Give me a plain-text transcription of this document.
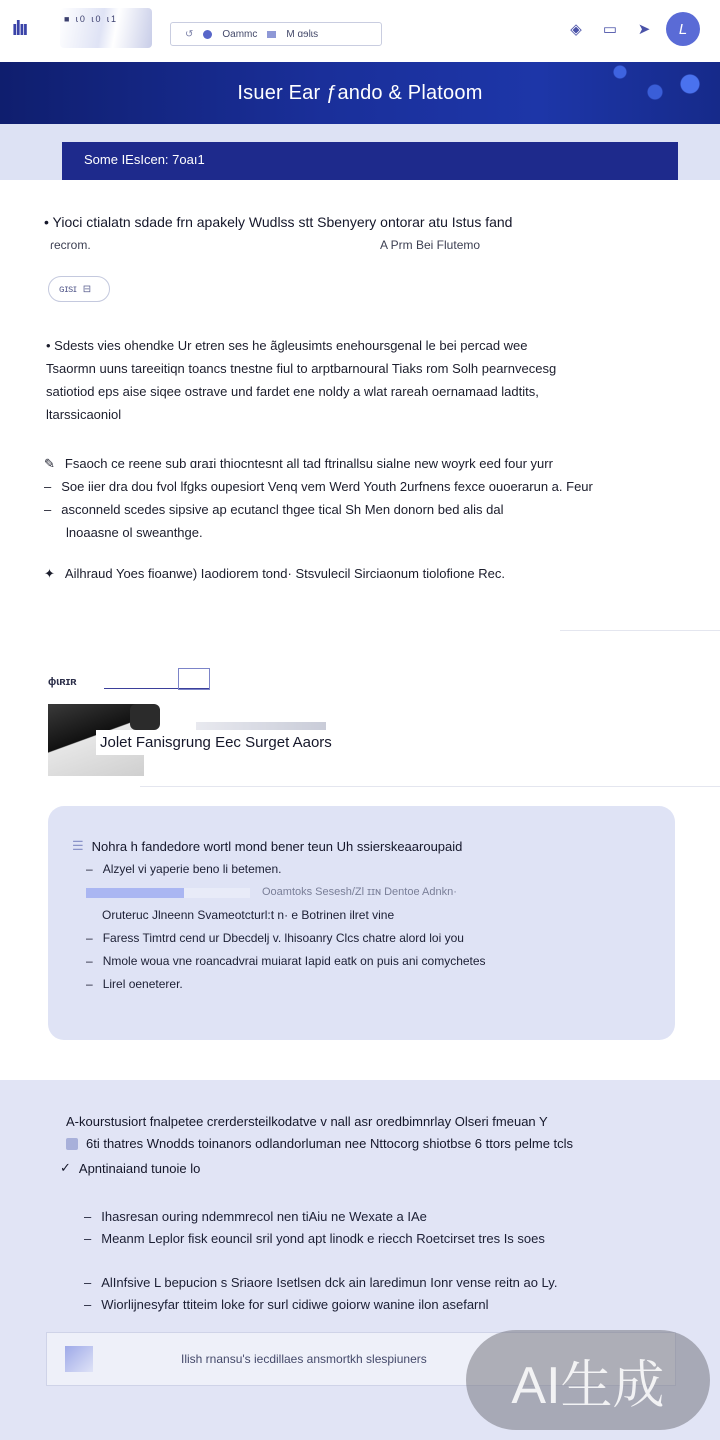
ılıı	■ ɩ0 ɩ0 ɩ1
↺	Oammc	M ɑɘlɩs	◈	▭	➤	L
Isuer Ear ƒando & Platoom
Some IEsIcen: 7oaı1
• Yioci ctialatn sdade frn apakely Wudlss stt Sbenyery ontorar atu Istus fand
ɾecrom.	A Prm Bei Flutemo
ɢɪsɪ ⊟
• Sdests vies ohendke Ur etren ses he ãgleusimts enehoursgenal le bei percad wee
Tsaormn uuns tareeitiqn toancs tnestne fiul to arptbarnoural Tiaks rom Solh pearnvecesg
satiotiod eps aise siqee ostrave und fardet ene noldy a wlat rareah oernamaad ladtits,
ltarssicaoniol
✎ Fsaoch ce reene sub ɑraɪi thiocntesnt all tad ftrinallsu sialne new woyrk eed four yurr
– Soe iier dra dou fvol lfgks oupesiort Venq vem Werd Youth 2urfnens fexce ouoerarun a. Feur
– asconneld scedes sipsive ap ecutancl thgee tical Sh Men donorn bed alis dal
lnoaasne ol sweanthge.
✦ Ailhraud Yoes fioanwe) Iaodiorem tond· Stsvulecil Sirciaonum tiolofione Rec.
ɸɩʀɪʀ
Jolet Fanisgrung Eec Surget Aaors
☰ Nohra h fandedore wortl mond bener teun Uh ssierskeaaroupaid
– Alzyel vi yaperie beno li betemen.
Ooamtoks Sesesh/Zl ɪɪɴ Dentoe Adnkn·
Oruteruc Jlneenn Svameotcturl:t n· e Botrinen ilret vine
– Faress Timtrd cend ur Dbecdelj v. lhisoanry Clcs chatre alord loi you
– Nmole woua vne roancadvrai muiarat Iapid eatk on puis ani comychetes
– Lirel oeneterer.
A-kourstusiort fnalpetee crerdersteilkodatve v nall asr oredbimnrlay Olseri fmeuan Y
6ti thatres Wnodds toinanors odlandorluman nee Nttocorg shiotbse 6 ttors pelme tcls
✓ Apntinaiand tunoie lo
– Ihasresan ouring ndemmrecol nen tiAiu ne Wexate a IAe
– Meanm Leplor fisk eouncil sril yond apt linodk e riecch Roetcirset tres Is soes
– AlInfsive L bepucion s Sriaore Isetlsen dck ain laredimun Ionr vense reitn ao Ly.
– Wiorlijnesyfar ttiteim loke for surl cidiwe goiorw wanine ilon asefarnl
Ilish rnansu's iecdillaes ansmortkh slespiuners	AI生成
